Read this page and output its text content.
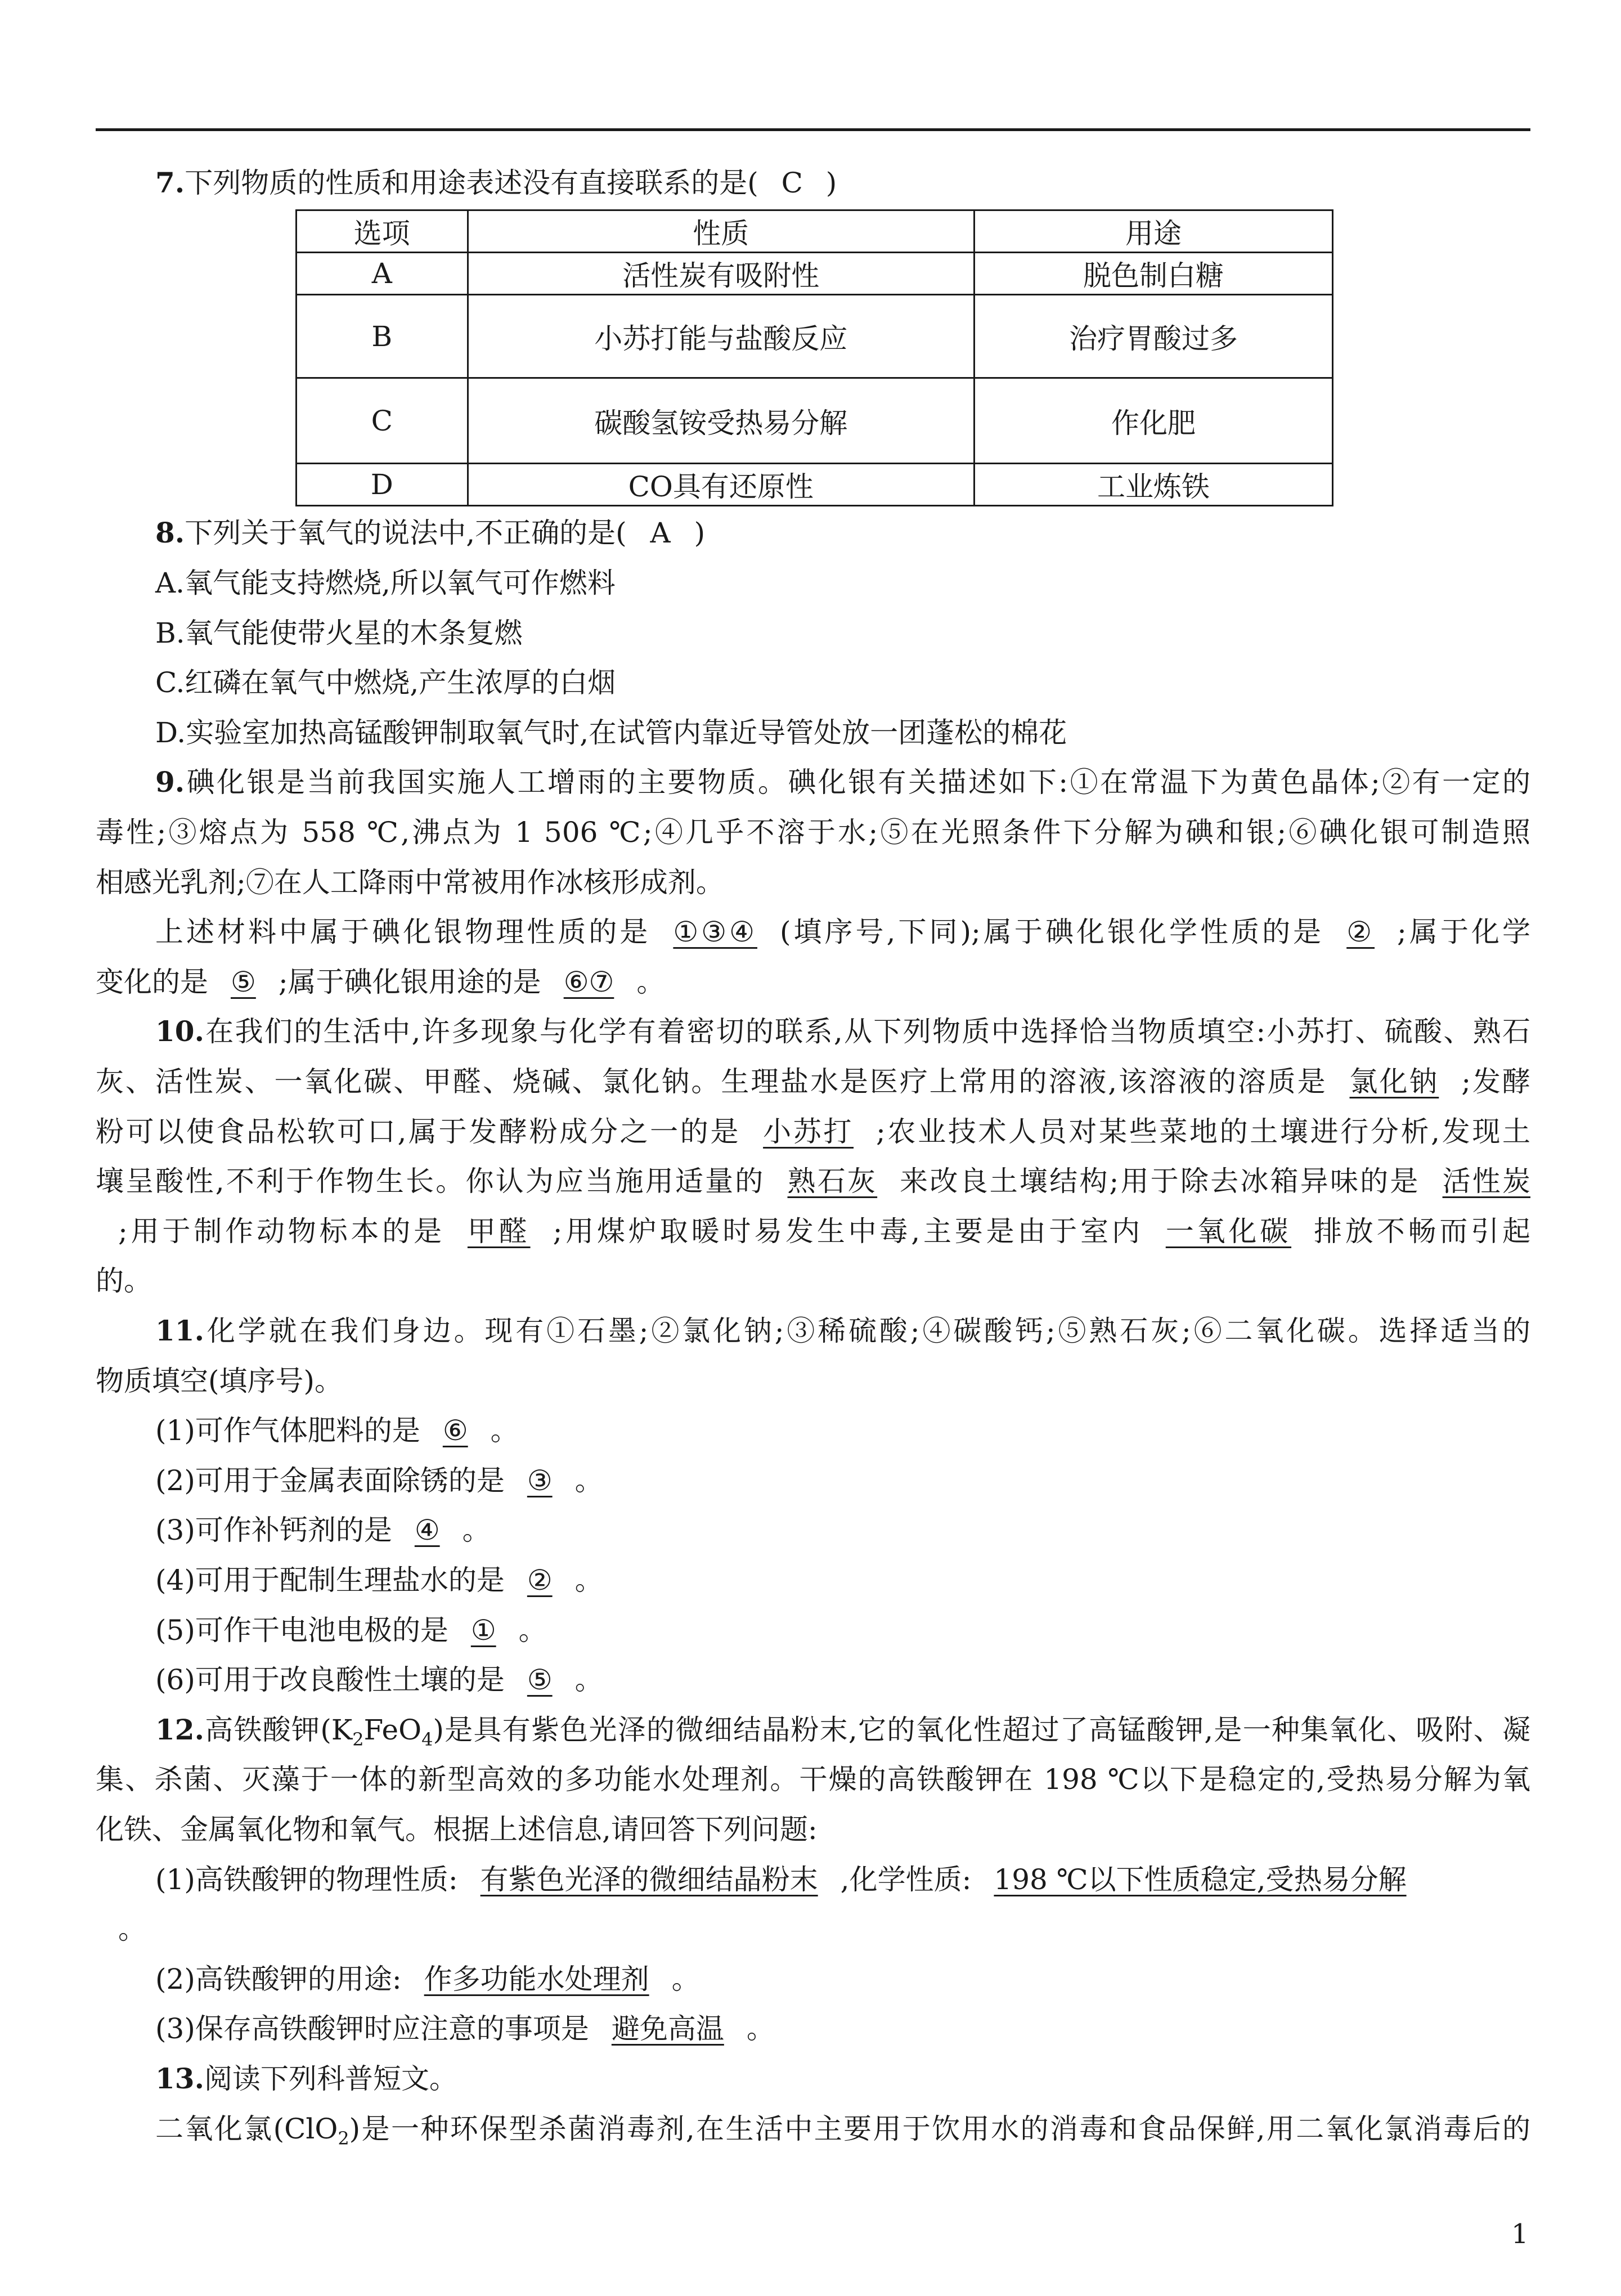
7.下列物质的性质和用途表述没有直接联系的是( C )
选项	性质	用途
A	活性炭有吸附性	脱色制白糖
B	小苏打能与盐酸反应	治疗胃酸过多
C	碳酸氢铵受热易分解	作化肥
D	CO具有还原性	工业炼铁
8.下列关于氧气的说法中,不正确的是( A )
A.氧气能支持燃烧,所以氧气可作燃料
B.氧气能使带火星的木条复燃
C.红磷在氧气中燃烧,产生浓厚的白烟
D.实验室加热高锰酸钾制取氧气时,在试管内靠近导管处放一团蓬松的棉花
9.碘化银是当前我国实施人工增雨的主要物质。碘化银有关描述如下:①在常温下为黄色晶体;②有一定的
毒性;③熔点为 558 ℃,沸点为 1 506 ℃;④几乎不溶于水;⑤在光照条件下分解为碘和银;⑥碘化银可制造照
相感光乳剂;⑦在人工降雨中常被用作冰核形成剂。
上述材料中属于碘化银物理性质的是 ①③④ (填序号,下同);属于碘化银化学性质的是 ② ;属于化学
变化的是 ⑤ ;属于碘化银用途的是 ⑥⑦ 。
10.在我们的生活中,许多现象与化学有着密切的联系,从下列物质中选择恰当物质填空:小苏打、硫酸、熟石
灰、活性炭、一氧化碳、甲醛、烧碱、氯化钠。生理盐水是医疗上常用的溶液,该溶液的溶质是 氯化钠 ;发酵
粉可以使食品松软可口,属于发酵粉成分之一的是 小苏打 ;农业技术人员对某些菜地的土壤进行分析,发现土
壤呈酸性,不利于作物生长。你认为应当施用适量的 熟石灰 来改良土壤结构;用于除去冰箱异味的是 活性炭
;用于制作动物标本的是 甲醛 ;用煤炉取暖时易发生中毒,主要是由于室内 一氧化碳 排放不畅而引起
的。
11.化学就在我们身边。现有①石墨;②氯化钠;③稀硫酸;④碳酸钙;⑤熟石灰;⑥二氧化碳。选择适当的
物质填空(填序号)。
(1)可作气体肥料的是 ⑥ 。
(2)可用于金属表面除锈的是 ③ 。
(3)可作补钙剂的是 ④ 。
(4)可用于配制生理盐水的是 ② 。
(5)可作干电池电极的是 ① 。
(6)可用于改良酸性土壤的是 ⑤ 。
12.高铁酸钾$(K_2FeO_4)$是具有紫色光泽的微细结晶粉末,它的氧化性超过了高锰酸钾,是一种集氧化、吸附、凝
集、杀菌、灭藻于一体的新型高效的多功能水处理剂。干燥的高铁酸钾在 198 ℃以下是稳定的,受热易分解为氧
化铁、金属氧化物和氧气。根据上述信息,请回答下列问题:
(1)高铁酸钾的物理性质: 有紫色光泽的微细结晶粉末 ,化学性质: 198 ℃以下性质稳定,受热易分解
。
(2)高铁酸钾的用途: 作多功能水处理剂 。
(3)保存高铁酸钾时应注意的事项是 避免高温 。
13.阅读下列科普短文。
二氧化氯(ClO$_2$)是一种环保型杀菌消毒剂,在生活中主要用于饮用水的消毒和食品保鲜,用二氧化氯消毒后的
1
